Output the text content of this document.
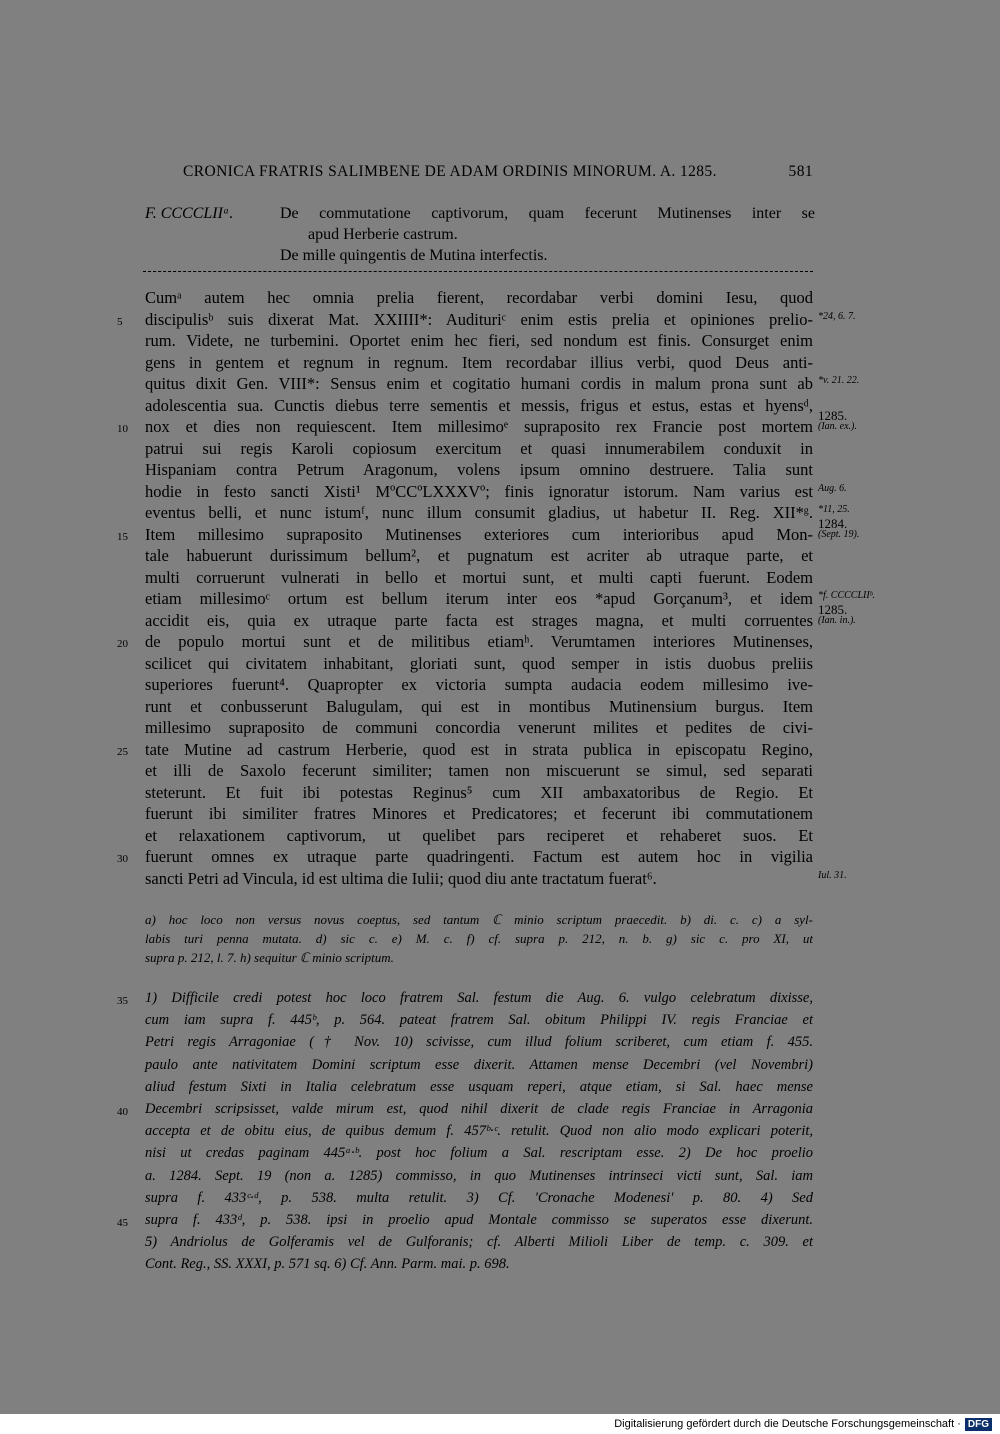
CRONICA FRATRIS SALIMBENE DE ADAM ORDINIS MINORUM. A. 1285.	581
F. CCCCLIIᵃ.	De commutatione captivorum, quam fecerunt Mutinenses inter se
apud Herberie castrum.
De mille quingentis de Mutina interfectis.
Cumᵃ autem hec omnia prelia fierent, recordabar verbi domini Iesu, quod
5 discipulisᵇ suis dixerat Mat. XXIIII*: Audituriᶜ enim estis prelia et opiniones prelio- *24, 6. 7.
rum. Videte, ne turbemini. Oportet enim hec fieri, sed nondum est finis. Consurget enim
gens in gentem et regnum in regnum. Item recordabar illius verbi, quod Deus anti-
quitus dixit Gen. VIII*: Sensus enim et cogitatio humani cordis in malum prona sunt ab *v. 21. 22.
adolescentia sua. Cunctis diebus terre sementis et messis, frigus et estus, estas et hyensᵈ,
10 nox et dies non requiescent. Item millesimoᵉ supraposito rex Francie post mortem
1285.
(Ian. ex.).
patrui sui regis Karoli copiosum exercitum et quasi innumerabilem conduxit in
Hispaniam contra Petrum Aragonum, volens ipsum omnino destruere. Talia sunt
hodie in festo sancti Xisti¹ MºCCºLXXXVº; finis ignoratur istorum. Nam varius est Aug. 6.
eventus belli, et nunc istumᶠ, nunc illum consumit gladius, ut habetur II. Reg. XII*ᵍ. *11, 25.
15 Item millesimo supraposito Mutinenses exteriores cum interioribus apud Mon-
1284.
(Sept. 19).
tale habuerunt durissimum bellum², et pugnatum est acriter ab utraque parte, et
multi corruerunt vulnerati in bello et mortui sunt, et multi capti fuerunt. Eodem
etiam millesimoᶜ ortum est bellum iterum inter eos *apud Gorçanum³, et idem *f. CCCCLIIᵇ.
accidit eis, quia ex utraque parte facta est strages magna, et multi corruentes
1285.
(Ian. in.).
20 de populo mortui sunt et de militibus etiamʰ. Verumtamen interiores Mutinenses,
scilicet qui civitatem inhabitant, gloriati sunt, quod semper in istis duobus preliis
superiores fuerunt⁴. Quapropter ex victoria sumpta audacia eodem millesimo ive-
runt et conbusserunt Balugulam, qui est in montibus Mutinensium burgus. Item
millesimo supraposito de communi concordia venerunt milites et pedites de civi-
25 tate Mutine ad castrum Herberie, quod est in strata publica in episcopatu Regino,
et illi de Saxolo fecerunt similiter; tamen non miscuerunt se simul, sed separati
steterunt. Et fuit ibi potestas Reginus⁵ cum XII ambaxatoribus de Regio. Et
fuerunt ibi similiter fratres Minores et Predicatores; et fecerunt ibi commutationem
et relaxationem captivorum, ut quelibet pars reciperet et rehaberet suos. Et
30 fuerunt omnes ex utraque parte quadringenti. Factum est autem hoc in vigilia
sancti Petri ad Vincula, id est ultima die Iulii; quod diu ante tractatum fuerat⁶.	Iul. 31.
a) hoc loco non versus novus coeptus, sed tantum ℂ minio scriptum praecedit. b) di. c. c) a syl-
labis turi penna mutata. d) sic c. e) M. c. f) cf. supra p. 212, n. b. g) sic c. pro XI, ut
supra p. 212, l. 7. h) sequitur ℂ minio scriptum.
35 1) Difficile credi potest hoc loco fratrem Sal. festum die Aug. 6. vulgo celebratum dixisse,
cum iam supra f. 445ᵇ, p. 564. pateat fratrem Sal. obitum Philippi IV. regis Franciae et
Petri regis Arragoniae († Nov. 10) scivisse, cum illud folium scriberet, cum etiam f. 455.
paulo ante nativitatem Domini scriptum esse dixerit. Attamen mense Decembri (vel Novembri)
aliud festum Sixti in Italia celebratum esse usquam reperi, atque etiam, si Sal. haec mense
40 Decembri scripsisset, valde mirum est, quod nihil dixerit de clade regis Franciae in Arragonia
accepta et de obitu eius, de quibus demum f. 457ᵇ·ᶜ. retulit. Quod non alio modo explicari poterit,
nisi ut credas paginam 445ᵃ·ᵇ. post hoc folium a Sal. rescriptam esse. 2) De hoc proelio
a. 1284. Sept. 19 (non a. 1285) commisso, in quo Mutinenses intrinseci victi sunt, Sal. iam
supra f. 433ᶜ·ᵈ, p. 538. multa retulit. 3) Cf. 'Cronache Modenesi' p. 80. 4) Sed
45 supra f. 433ᵈ, p. 538. ipsi in proelio apud Montale commisso se superatos esse dixerunt.
5) Andriolus de Golferamis vel de Gulforanis; cf. Alberti Milioli Liber de temp. c. 309. et
Cont. Reg., SS. XXXI, p. 571 sq. 6) Cf. Ann. Parm. mai. p. 698.
Digitalisierung gefördert durch die Deutsche Forschungsgemeinschaft · DFG
